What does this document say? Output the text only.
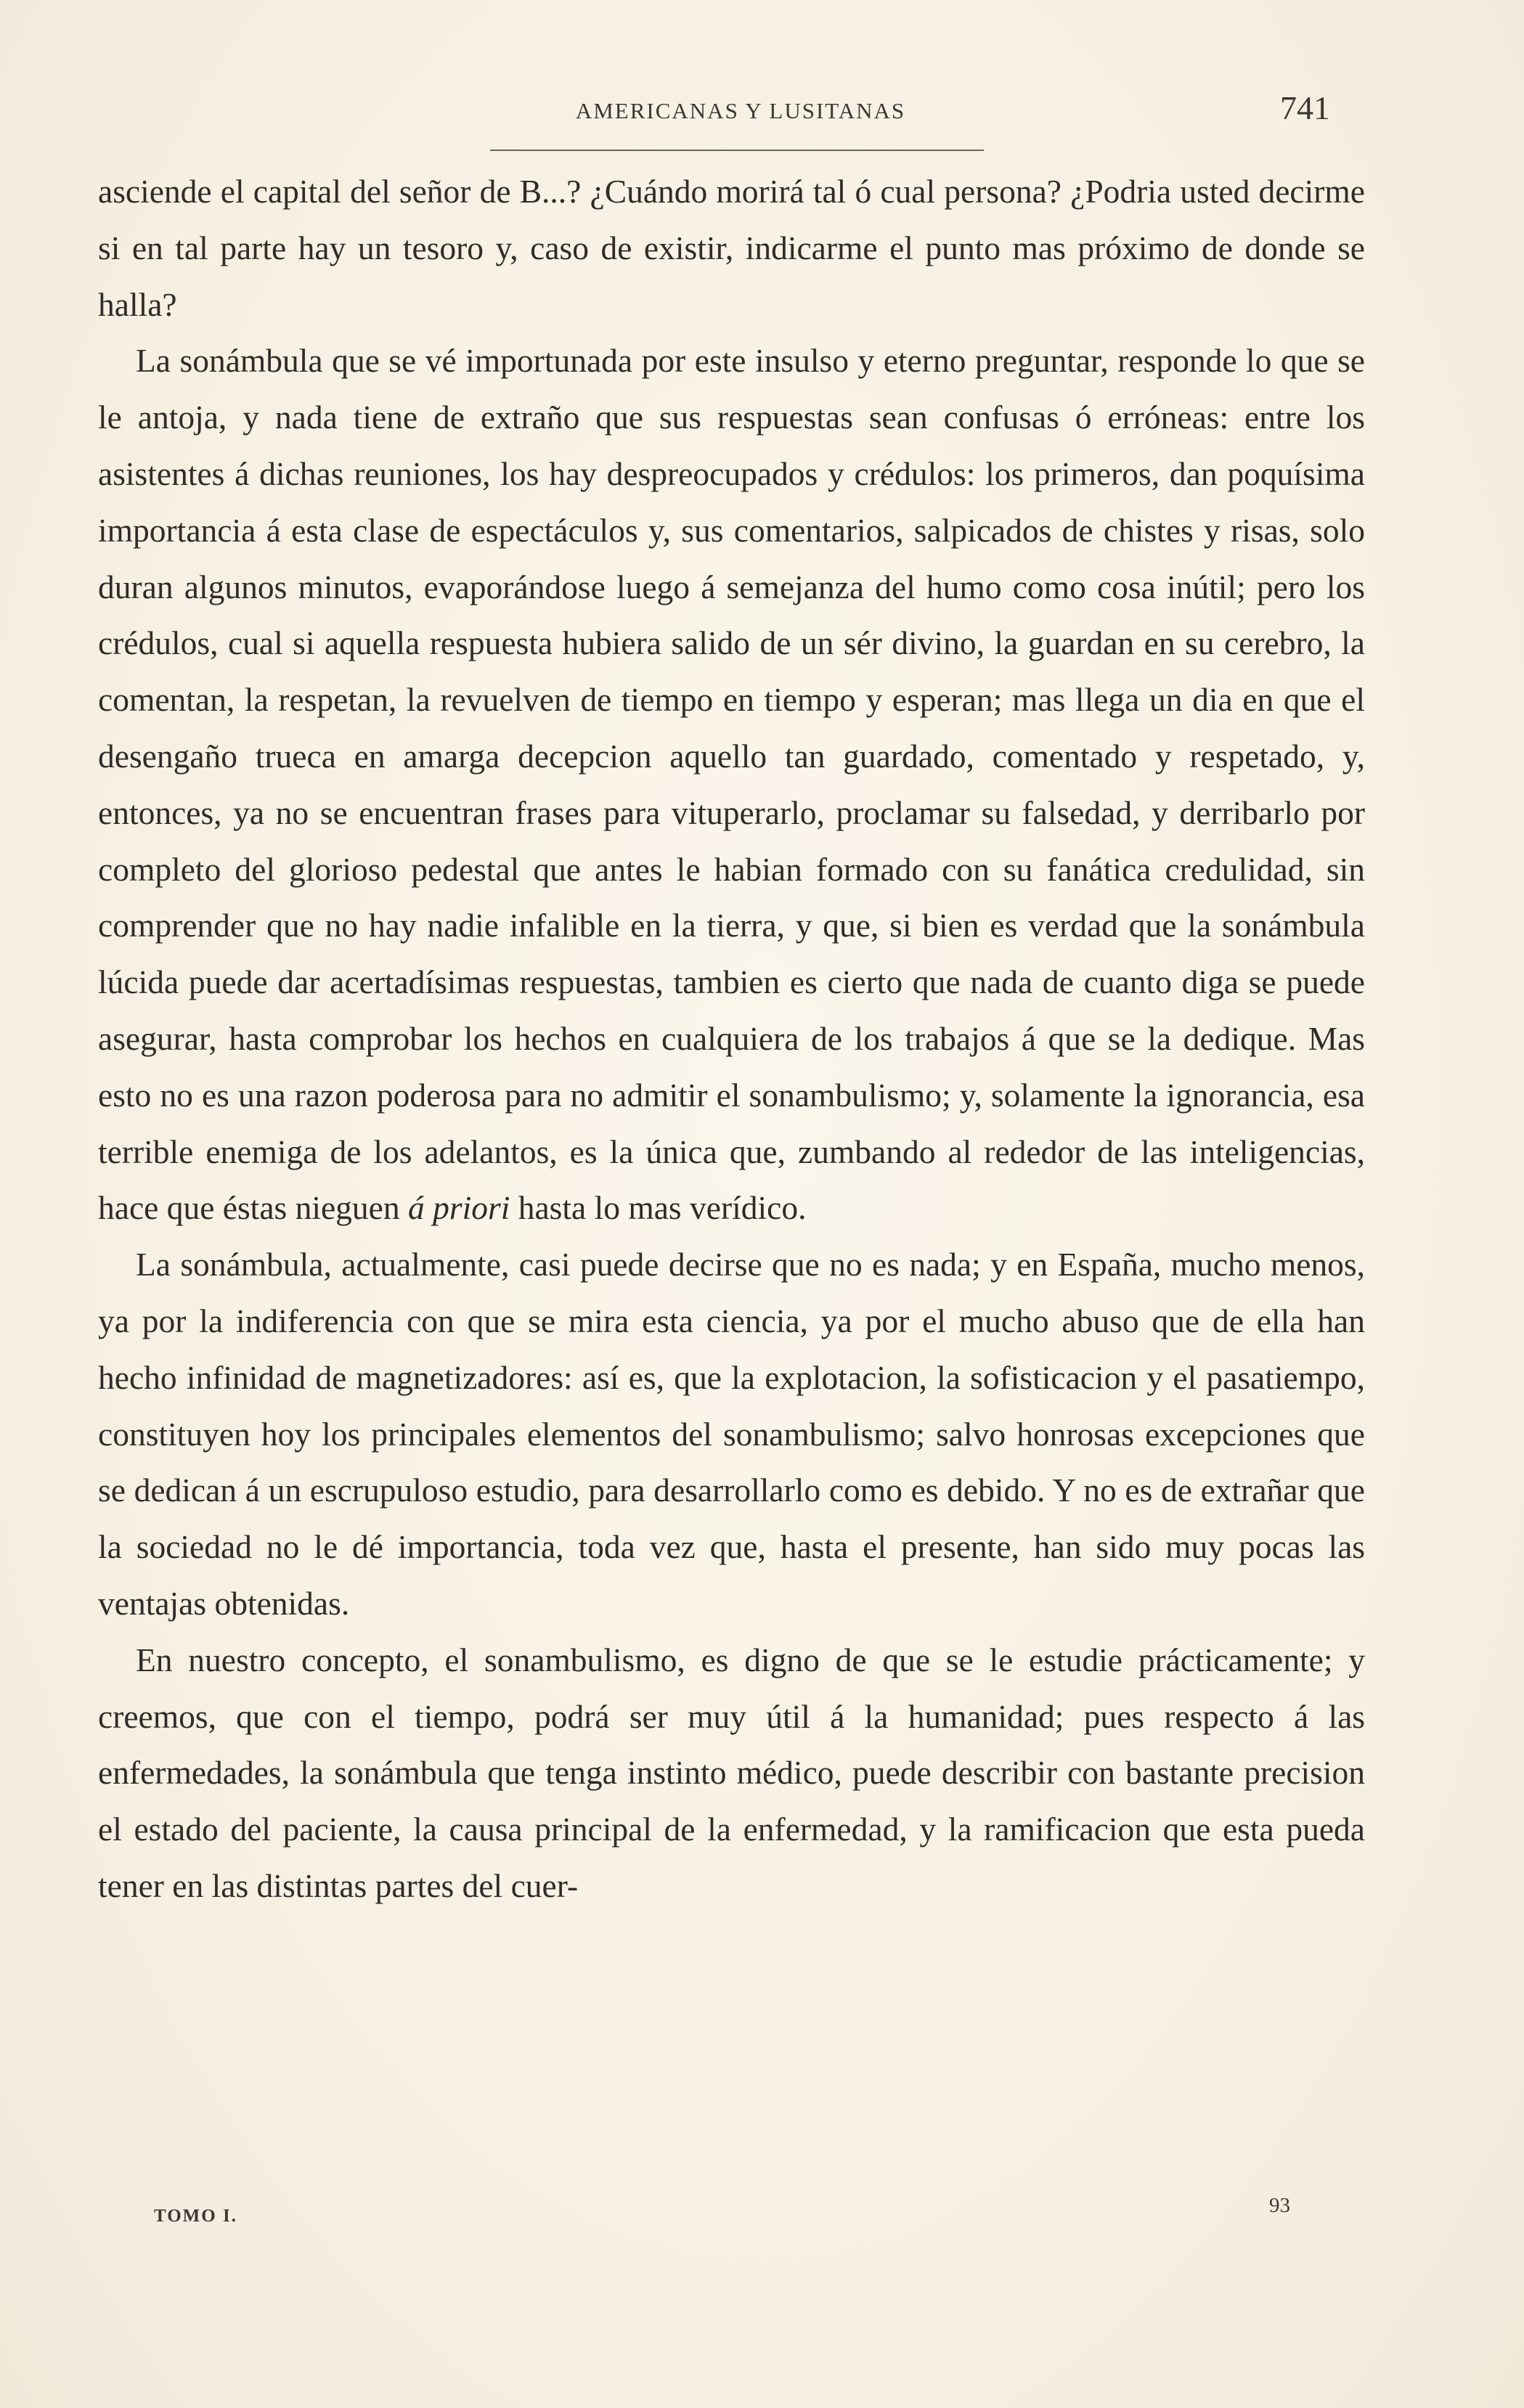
AMERICANAS Y LUSITANAS	741

asciende el capital del señor de B...? ¿Cuándo morirá tal ó cual persona? ¿Podria usted decirme si en tal parte hay un tesoro y, caso de existir, indicarme el punto mas próximo de donde se halla?

La sonámbula que se vé importunada por este insulso y eterno preguntar, responde lo que se le antoja, y nada tiene de extraño que sus respuestas sean confusas ó erróneas: entre los asistentes á dichas reuniones, los hay despreocupados y crédulos: los primeros, dan poquísima importancia á esta clase de espectáculos y, sus comentarios, salpicados de chistes y risas, solo duran algunos minutos, evaporándose luego á semejanza del humo como cosa inútil; pero los crédulos, cual si aquella respuesta hubiera salido de un sér divino, la guardan en su cerebro, la comentan, la respetan, la revuelven de tiempo en tiempo y esperan; mas llega un dia en que el desengaño trueca en amarga decepcion aquello tan guardado, comentado y respetado, y, entonces, ya no se encuentran frases para vituperarlo, proclamar su falsedad, y derribarlo por completo del glorioso pedestal que antes le habian formado con su fanática credulidad, sin comprender que no hay nadie infalible en la tierra, y que, si bien es verdad que la sonámbula lúcida puede dar acertadísimas respuestas, tambien es cierto que nada de cuanto diga se puede asegurar, hasta comprobar los hechos en cualquiera de los trabajos á que se la dedique. Mas esto no es una razon poderosa para no admitir el sonambulismo; y, solamente la ignorancia, esa terrible enemiga de los adelantos, es la única que, zumbando al rededor de las inteligencias, hace que éstas nieguen á priori hasta lo mas verídico.

La sonámbula, actualmente, casi puede decirse que no es nada; y en España, mucho menos, ya por la indiferencia con que se mira esta ciencia, ya por el mucho abuso que de ella han hecho infinidad de magnetizadores: así es, que la explotacion, la sofisticacion y el pasatiempo, constituyen hoy los principales elementos del sonambulismo; salvo honrosas excepciones que se dedican á un escrupuloso estudio, para desarrollarlo como es debido. Y no es de extrañar que la sociedad no le dé importancia, toda vez que, hasta el presente, han sido muy pocas las ventajas obtenidas.

En nuestro concepto, el sonambulismo, es digno de que se le estudie prácticamente; y creemos, que con el tiempo, podrá ser muy útil á la humanidad; pues respecto á las enfermedades, la sonámbula que tenga instinto médico, puede describir con bastante precision el estado del paciente, la causa principal de la enfermedad, y la ramificacion que esta pueda tener en las distintas partes del cuer-

TOMO I.	93
